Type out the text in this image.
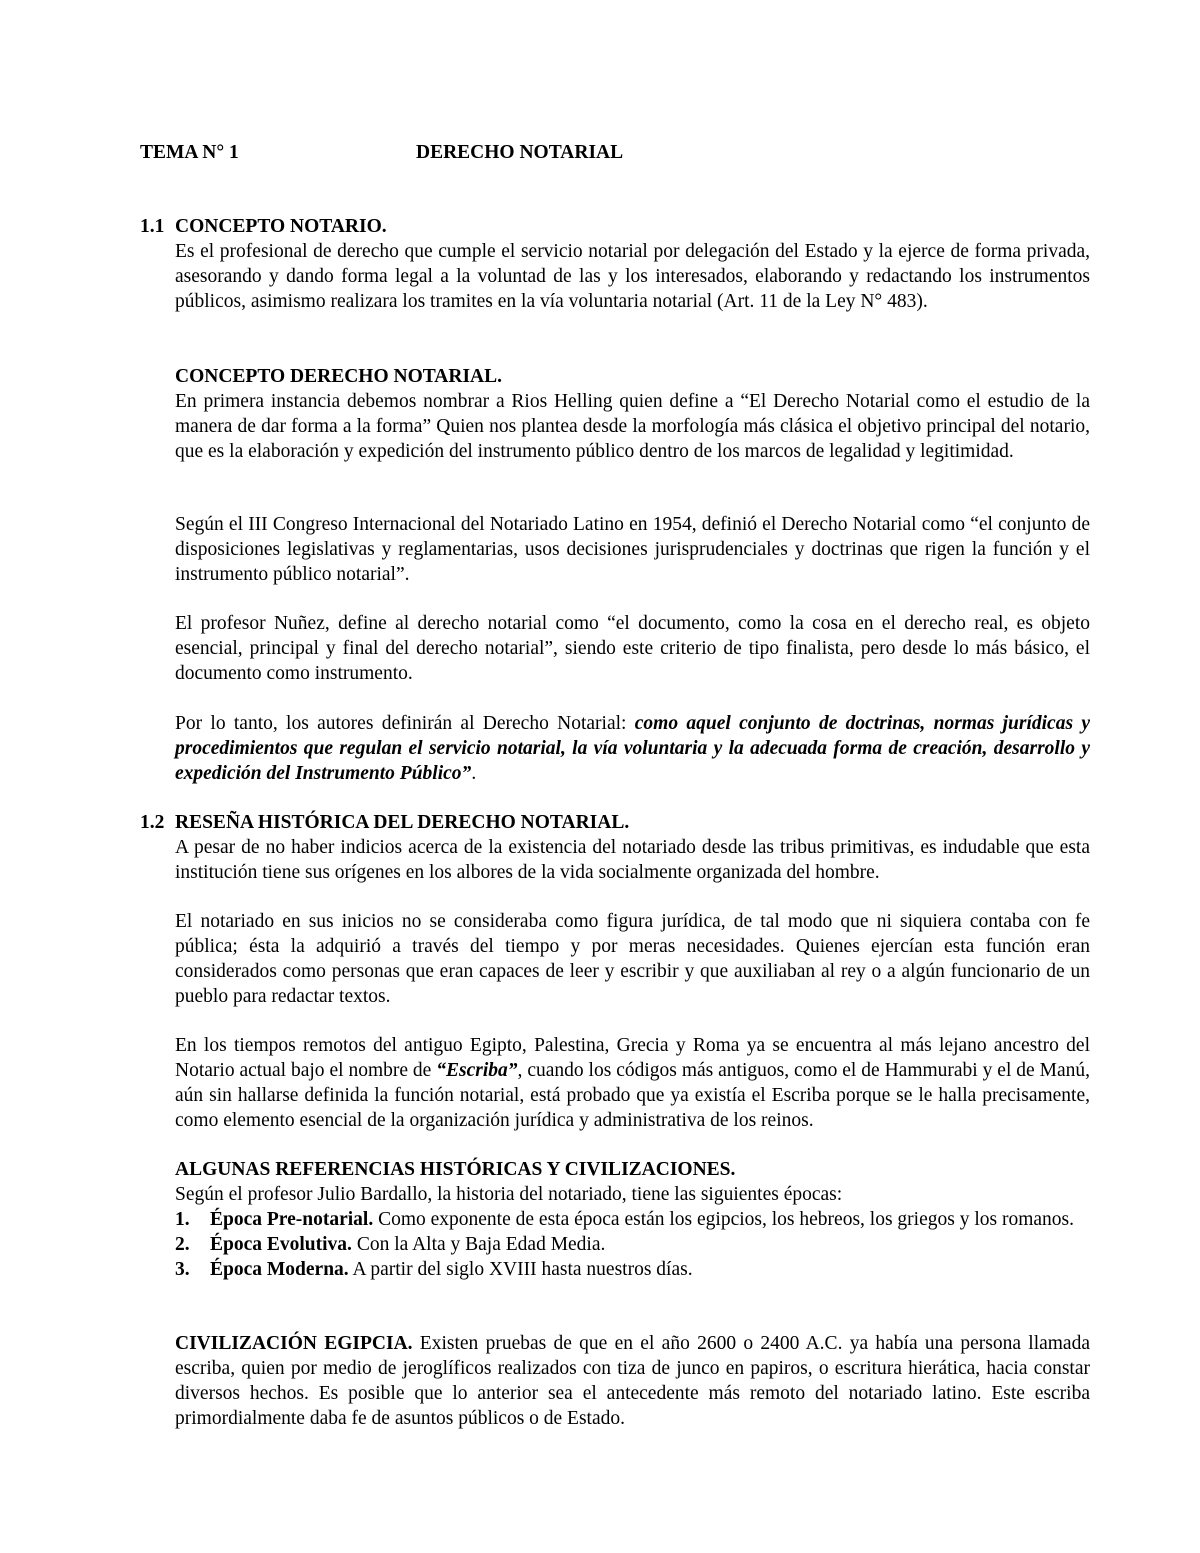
TEMA N° 1	DERECHO NOTARIAL
1.1 CONCEPTO NOTARIO.

Es el profesional de derecho que cumple el servicio notarial por delegación del Estado y la ejerce de forma privada, asesorando y dando forma legal a la voluntad de las y los interesados, elaborando y redactando los instrumentos públicos, asimismo realizara los tramites en la vía voluntaria notarial (Art. 11 de la Ley N° 483).

CONCEPTO DERECHO NOTARIAL.

En primera instancia debemos nombrar a Rios Helling quien define a “El Derecho Notarial como el estudio de la manera de dar forma a la forma” Quien nos plantea desde la morfología más clásica el objetivo principal del notario, que es la elaboración y expedición del instrumento público dentro de los marcos de legalidad y legitimidad.

Según el III Congreso Internacional del Notariado Latino en 1954, definió el Derecho Notarial como “el conjunto de disposiciones legislativas y reglamentarias, usos decisiones jurisprudenciales y doctrinas que rigen la función y el instrumento público notarial”.

El profesor Nuñez, define al derecho notarial como “el documento, como la cosa en el derecho real, es objeto esencial, principal y final del derecho notarial”, siendo este criterio de tipo finalista, pero desde lo más básico, el documento como instrumento.

Por lo tanto, los autores definirán al Derecho Notarial: como aquel conjunto de doctrinas, normas jurídicas y procedimientos que regulan el servicio notarial, la vía voluntaria y la adecuada forma de creación, desarrollo y expedición del Instrumento Público”.

1.2 RESEÑA HISTÓRICA DEL DERECHO NOTARIAL.

A pesar de no haber indicios acerca de la existencia del notariado desde las tribus primitivas, es indudable que esta institución tiene sus orígenes en los albores de la vida socialmente organizada del hombre.

El notariado en sus inicios no se consideraba como figura jurídica, de tal modo que ni siquiera contaba con fe pública; ésta la adquirió a través del tiempo y por meras necesidades. Quienes ejercían esta función eran considerados como personas que eran capaces de leer y escribir y que auxiliaban al rey o a algún funcionario de un pueblo para redactar textos.

En los tiempos remotos del antiguo Egipto, Palestina, Grecia y Roma ya se encuentra al más lejano ancestro del Notario actual bajo el nombre de “Escriba”, cuando los códigos más antiguos, como el de Hammurabi y el de Manú, aún sin hallarse definida la función notarial, está probado que ya existía el Escriba porque se le halla precisamente, como elemento esencial de la organización jurídica y administrativa de los reinos.

ALGUNAS REFERENCIAS HISTÓRICAS Y CIVILIZACIONES.

Según el profesor Julio Bardallo, la historia del notariado, tiene las siguientes épocas:

1. Época Pre-notarial. Como exponente de esta época están los egipcios, los hebreos, los griegos y los romanos.
2. Época Evolutiva. Con la Alta y Baja Edad Media.
3. Época Moderna. A partir del siglo XVIII hasta nuestros días.

CIVILIZACIÓN EGIPCIA. Existen pruebas de que en el año 2600 o 2400 A.C. ya había una persona llamada escriba, quien por medio de jeroglíficos realizados con tiza de junco en papiros, o escritura hierática, hacia constar diversos hechos. Es posible que lo anterior sea el antecedente más remoto del notariado latino. Este escriba primordialmente daba fe de asuntos públicos o de Estado.
